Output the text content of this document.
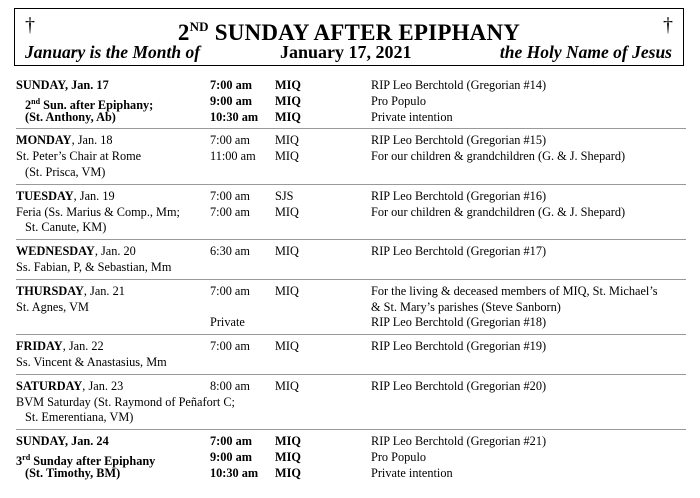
†	2ND SUNDAY AFTER EPIPHANY	†
January is the Month of	January 17, 2021	the Holy Name of Jesus
SUNDAY, Jan. 17	7:00 am MIQ	RIP Leo Berchtold (Gregorian #14)
2nd Sun. after Epiphany;	9:00 am MIQ	Pro Populo
(St. Anthony, Ab)	10:30 am MIQ	Private intention
MONDAY, Jan. 18	7:00 am MIQ	RIP Leo Berchtold (Gregorian #15)
St. Peter’s Chair at Rome	11:00 am MIQ	For our children & grandchildren (G. & J. Shepard)
(St. Prisca, VM)
TUESDAY, Jan. 19	7:00 am SJS	RIP Leo Berchtold (Gregorian #16)
Feria (Ss. Marius & Comp., Mm; 7:00 am MIQ	For our children & grandchildren (G. & J. Shepard)
St. Canute, KM)
WEDNESDAY, Jan. 20	6:30 am MIQ	RIP Leo Berchtold (Gregorian #17)
Ss. Fabian, P, & Sebastian, Mm
THURSDAY, Jan. 21	7:00 am MIQ	For the living & deceased members of MIQ, St. Michael’s
St. Agnes, VM	& St. Mary’s parishes (Steve Sanborn)
Private	RIP Leo Berchtold (Gregorian #18)
FRIDAY, Jan. 22	7:00 am MIQ	RIP Leo Berchtold (Gregorian #19)
Ss. Vincent & Anastasius, Mm
SATURDAY, Jan. 23	8:00 am MIQ	RIP Leo Berchtold (Gregorian #20)
BVM Saturday (St. Raymond of Peñafort C;
St. Emerentiana, VM)
SUNDAY, Jan. 24	7:00 am MIQ	RIP Leo Berchtold (Gregorian #21)
3rd Sunday after Epiphany	9:00 am MIQ	Pro Populo
(St. Timothy, BM)	10:30 am MIQ	Private intention
